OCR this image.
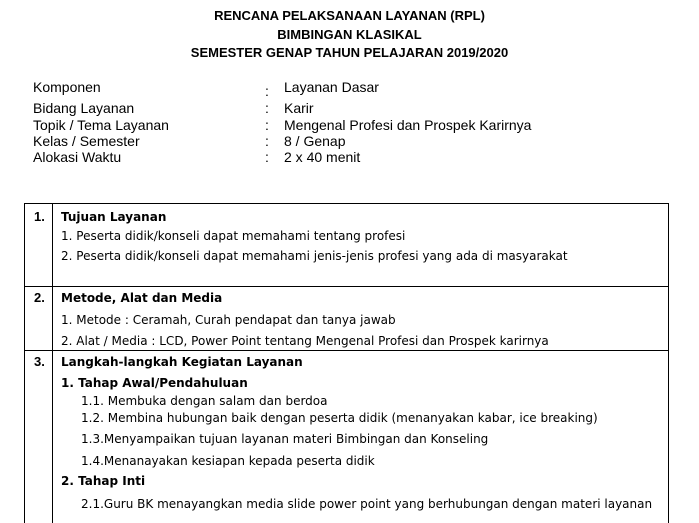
RENCANA PELAKSANAAN LAYANAN (RPL)
BIMBINGAN KLASIKAL
SEMESTER GENAP TAHUN PELAJARAN 2019/2020
Komponen	: Layanan Dasar
Bidang Layanan	: Karir
Topik / Tema Layanan	: Mengenal Profesi dan Prospek Karirnya
Kelas / Semester	: 8 / Genap
Alokasi Waktu	: 2 x 40 menit
1. Tujuan Layanan
1. Peserta didik/konseli dapat memahami tentang profesi
2. Peserta didik/konseli dapat memahami jenis-jenis profesi yang ada di masyarakat
2. Metode, Alat dan Media
1. Metode : Ceramah, Curah pendapat dan tanya jawab
2. Alat / Media : LCD, Power Point tentang Mengenal Profesi dan Prospek karirnya
3. Langkah-langkah Kegiatan Layanan
1. Tahap Awal/Pendahuluan
1.1. Membuka dengan salam dan berdoa
1.2. Membina hubungan baik dengan peserta didik (menanyakan kabar, ice breaking)
1.3.Menyampaikan tujuan layanan materi Bimbingan dan Konseling
1.4.Menanayakan kesiapan kepada peserta didik
2. Tahap Inti
2.1.Guru BK menayangkan media slide power point yang berhubungan dengan materi layanan
